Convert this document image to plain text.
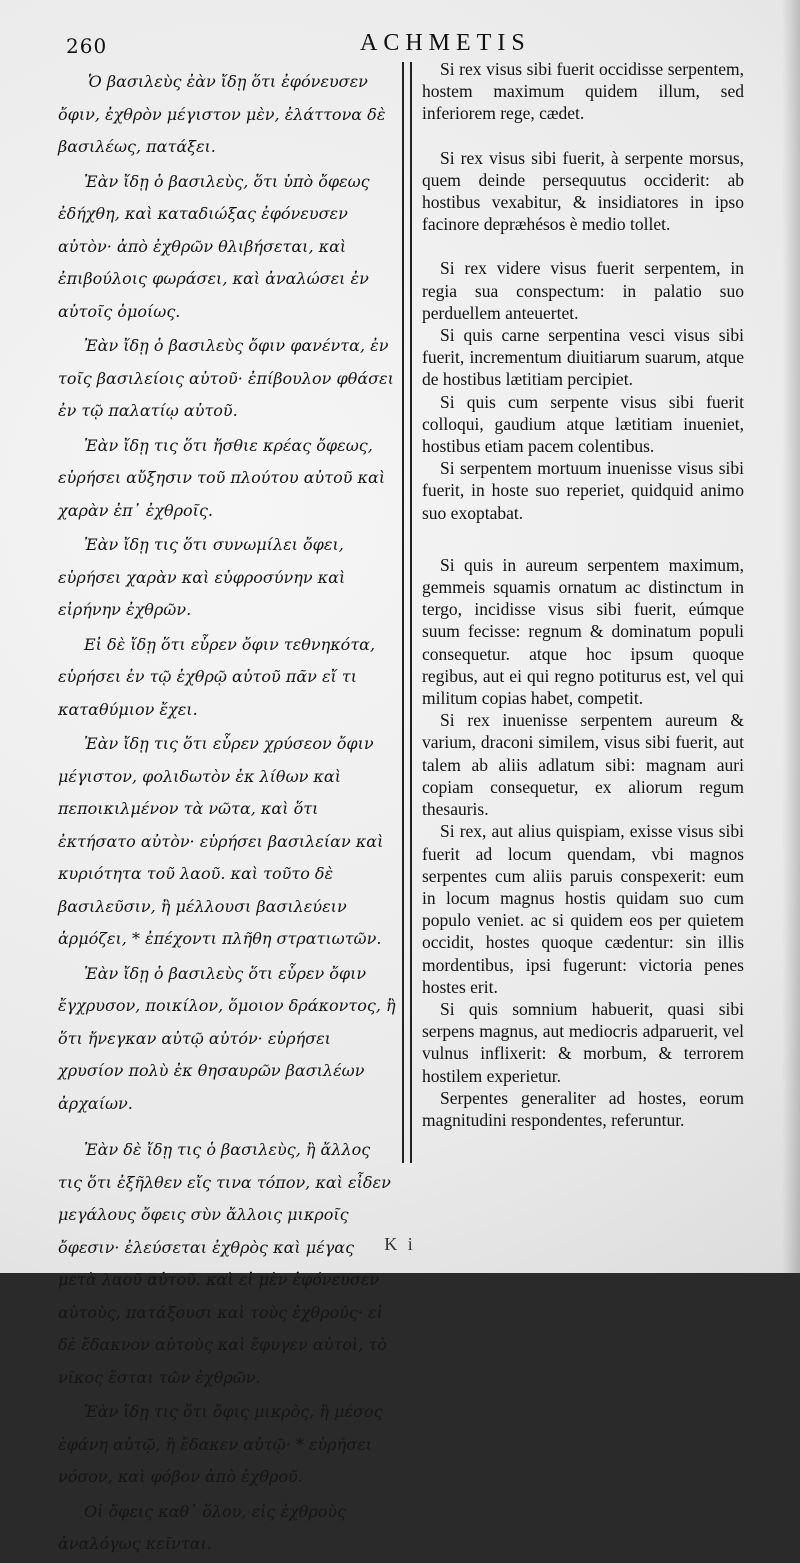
260	ACHMETIS

Ὁ βασιλεὺς ἐὰν ἴδῃ ὅτι ἐφόνευσεν ὄφιν, ἐχθρὸν μέγιστον μὲν, ἐλάττονα δὲ βασιλέως, πατάξει.

Ἐὰν ἴδῃ ὁ βασιλεὺς, ὅτι ὑπὸ ὄφεως ἐδήχθη, καὶ καταδιώξας ἐφόνευσεν αὐτὸν· ἀπὸ ἐχθρῶν θλιβήσεται, καὶ ἐπιβούλοις φωράσει, καὶ ἀναλώσει ἐν αὐτοῖς ὁμοίως.

Ἐὰν ἴδῃ ὁ βασιλεὺς ὄφιν φανέντα, ἐν τοῖς βασιλείοις αὐτοῦ· ἐπίβουλον φθάσει ἐν τῷ παλατίῳ αὐτοῦ.

Ἐὰν ἴδῃ τις ὅτι ἤσθιε κρέας ὄφεως, εὑρήσει αὔξησιν τοῦ πλούτου αὐτοῦ καὶ χαρὰν ἐπ᾽ ἐχθροῖς.

Ἐὰν ἴδῃ τις ὅτι συνωμίλει ὄφει, εὑρήσει χαρὰν καὶ εὐφροσύνην καὶ εἰρήνην ἐχθρῶν.

Εἰ δὲ ἴδῃ ὅτι εὗρεν ὄφιν τεθνηκότα, εὑρήσει ἐν τῷ ἐχθρῷ αὐτοῦ πᾶν εἴ τι καταθύμιον ἔχει.

Ἐὰν ἴδῃ τις ὅτι εὗρεν χρύσεον ὄφιν μέγιστον, φολιδωτὸν ἐκ λίθων καὶ πεποικιλμένον τὰ νῶτα, καὶ ὅτι ἐκτήσατο αὐτὸν· εὑρήσει βασιλείαν καὶ κυριότητα τοῦ λαοῦ. καὶ τοῦτο δὲ βασιλεῦσιν, ἢ μέλλουσι βασιλεύειν ἁρμόζει, * ἐπέχοντι πλῆθη στρατιωτῶν.

Ἐὰν ἴδῃ ὁ βασιλεὺς ὅτι εὗρεν ὄφιν ἔγχρυσον, ποικίλον, ὅμοιον δράκοντος, ἢ ὅτι ἤνεγκαν αὐτῷ αὐτόν· εὑρήσει χρυσίον πολὺ ἐκ θησαυρῶν βασιλέων ἀρχαίων.

Ἐὰν δὲ ἴδῃ τις ὁ βασιλεὺς, ἢ ἄλλος τις ὅτι ἐξῆλθεν εἴς τινα τόπον, καὶ εἶδεν μεγάλους ὄφεις σὺν ἄλλοις μικροῖς ὄφεσιν· ἐλεύσεται ἐχθρὸς καὶ μέγας μετὰ λαοῦ αὐτοῦ. καὶ εἰ μὲν ἐφόνευσεν αὐτοὺς, πατάξουσι καὶ τοὺς ἐχθρούς· εἰ δὲ ἔδακνον αὐτοὺς καὶ ἔφυγεν αὐτοὶ, τὸ νῖκος ἔσται τῶν ἐχθρῶν.

Ἐὰν ἴδῃ τις ὅτι ὄφις μικρὸς, ἢ μέσος ἐφάνη αὐτῷ, ἢ ἔδακεν αὐτῷ· * εὑρήσει νόσον, καὶ φόβον ἀπὸ ἐχθροῦ.

Οἱ ὄφεις καθ᾽ ὅλου, εἰς ἐχθροὺς ἀναλόγως κεῖνται.

Si rex visus sibi fuerit occidisse serpentem, hostem maximum quidem illum, sed inferiorem rege, cædet.

Si rex visus sibi fuerit, à serpente morsus, quem deinde persequutus occiderit: ab hostibus vexabitur, & insidiatores in ipso facinore depræhésos è medio tollet.

Si rex videre visus fuerit serpentem, in regia sua conspectum: in palatio suo perduellem anteuertet.

Si quis carne serpentina vesci visus sibi fuerit, incrementum diuitiarum suarum, atque de hostibus lætitiam percipiet.

Si quis cum serpente visus sibi fuerit colloqui, gaudium atque lætitiam inueniet, hostibus etiam pacem colentibus.

Si serpentem mortuum inuenisse visus sibi fuerit, in hoste suo reperiet, quidquid animo suo exoptabat.

Si quis in aureum serpentem maximum, gemmeis squamis ornatum ac distinctum in tergo, incidisse visus sibi fuerit, eúmque suum fecisse: regnum & dominatum populi consequetur. atque hoc ipsum quoque regibus, aut ei qui regno potiturus est, vel qui militum copias habet, competit.

Si rex inuenisse serpentem aureum & varium, draconi similem, visus sibi fuerit, aut talem ab aliis adlatum sibi: magnam auri copiam consequetur, ex aliorum regum thesauris.

Si rex, aut alius quispiam, exisse visus sibi fuerit ad locum quendam, vbi magnos serpentes cum aliis paruis conspexerit: eum in locum magnus hostis quidam suo cum populo veniet. ac si quidem eos per quietem occidit, hostes quoque cædentur: sin illis mordentibus, ipsi fugerunt: victoria penes hostes erit.

Si quis somnium habuerit, quasi sibi serpens magnus, aut mediocris adparuerit, vel vulnus inflixerit: & morbum, & terrorem hostilem experietur.

Serpentes generaliter ad hostes, eorum magnitudini respondentes, referuntur.

K i
